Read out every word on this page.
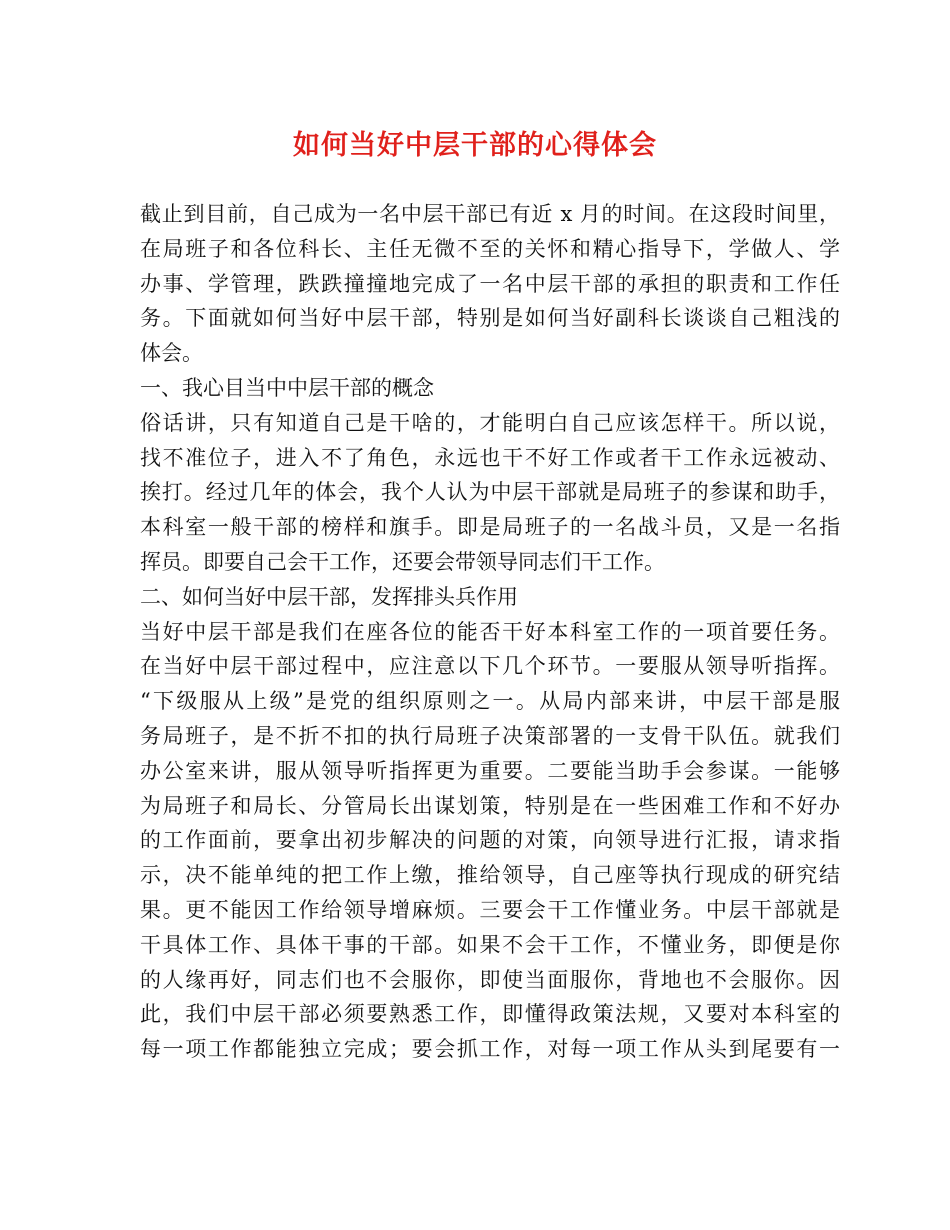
如何当好中层干部的心得体会
截止到目前，自己成为一名中层干部已有近 x 月的时间。在这段时间里，
在局班子和各位科长、主任无微不至的关怀和精心指导下，学做人、学
办事、学管理，跌跌撞撞地完成了一名中层干部的承担的职责和工作任
务。下面就如何当好中层干部，特别是如何当好副科长谈谈自己粗浅的
体会。
一、我心目当中中层干部的概念
俗话讲，只有知道自己是干啥的，才能明白自己应该怎样干。所以说，
找不准位子，进入不了角色，永远也干不好工作或者干工作永远被动、
挨打。经过几年的体会，我个人认为中层干部就是局班子的参谋和助手，
本科室一般干部的榜样和旗手。即是局班子的一名战斗员，又是一名指
挥员。即要自己会干工作，还要会带领导同志们干工作。
二、如何当好中层干部，发挥排头兵作用
当好中层干部是我们在座各位的能否干好本科室工作的一项首要任务。
在当好中层干部过程中，应注意以下几个环节。一要服从领导听指挥。
“下级服从上级”是党的组织原则之一。从局内部来讲，中层干部是服
务局班子，是不折不扣的执行局班子决策部署的一支骨干队伍。就我们
办公室来讲，服从领导听指挥更为重要。二要能当助手会参谋。一能够
为局班子和局长、分管局长出谋划策，特别是在一些困难工作和不好办
的工作面前，要拿出初步解决的问题的对策，向领导进行汇报，请求指
示，决不能单纯的把工作上缴，推给领导，自己座等执行现成的研究结
果。更不能因工作给领导增麻烦。三要会干工作懂业务。中层干部就是
干具体工作、具体干事的干部。如果不会干工作，不懂业务，即便是你
的人缘再好，同志们也不会服你，即使当面服你，背地也不会服你。因
此，我们中层干部必须要熟悉工作，即懂得政策法规，又要对本科室的
每一项工作都能独立完成；要会抓工作，对每一项工作从头到尾要有一
